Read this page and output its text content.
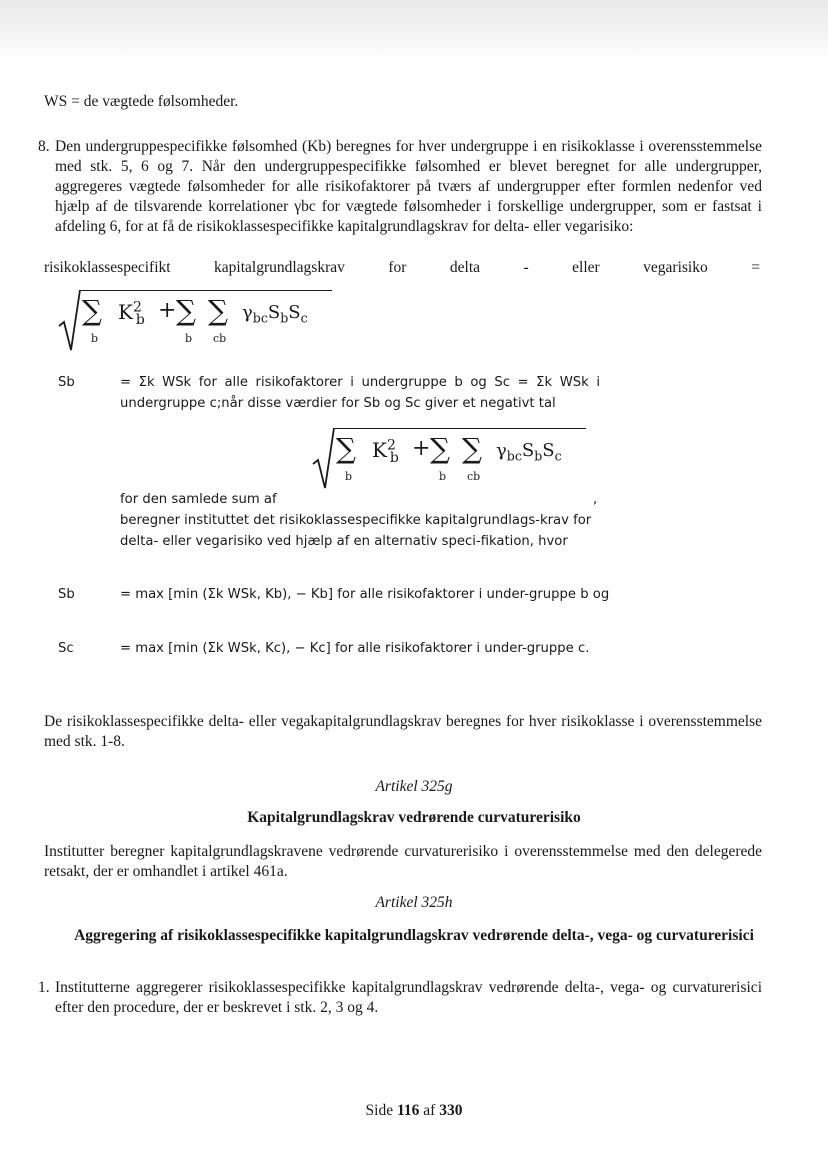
WS = de vægtede følsomheder.
8. Den undergruppespecifikke følsomhed (Kb) beregnes for hver undergruppe i en risikoklasse i overensstemmelse med stk. 5, 6 og 7. Når den undergruppespecifikke følsomhed er blevet beregnet for alle undergrupper, aggregeres vægtede følsomheder for alle risikofaktorer på tværs af undergrupper efter formlen nedenfor ved hjælp af de tilsvarende korrelationer γbc for vægtede følsomheder i forskellige undergrupper, som er fastsat i afdeling 6, for at få de risikoklassespecifikke kapitalgrundlagskrav for delta- eller vegarisiko:
risikoklassespecifikt	kapitalgrundlagskrav	for	delta	-	eller	vegarisiko	=
∑
b
$K^2_b$ + ∑
b
∑
cb
$\gamma_{bc}S_bS_c$
Sb	= Σk WSk for alle risikofaktorer i undergruppe b og Sc = Σk WSk i undergruppe c;når disse værdier for Sb og Sc giver et negativt tal
∑
b
$K^2_b$ + ∑
b
∑
cb
$\gamma_{bc}S_bS_c$
for den samlede sum af	,
beregner instituttet det risikoklassespecifikke kapitalgrundlags-krav for delta- eller vegarisiko ved hjælp af en alternativ speci-fikation, hvor
Sb	= max [min (Σk WSk, Kb), − Kb] for alle risikofaktorer i under-gruppe b og
Sc	= max [min (Σk WSk, Kc), − Kc] for alle risikofaktorer i under-gruppe c.
De risikoklassespecifikke delta- eller vegakapitalgrundlagskrav beregnes for hver risikoklasse i overensstemmelse med stk. 1-8.
Artikel 325g
Kapitalgrundlagskrav vedrørende curvaturerisiko
Institutter beregner kapitalgrundlagskravene vedrørende curvaturerisiko i overensstemmelse med den delegerede retsakt, der er omhandlet i artikel 461a.
Artikel 325h
Aggregering af risikoklassespecifikke kapitalgrundlagskrav vedrørende delta-, vega- og curvaturerisici
1. Institutterne aggregerer risikoklassespecifikke kapitalgrundlagskrav vedrørende delta-, vega- og curvaturerisici efter den procedure, der er beskrevet i stk. 2, 3 og 4.
Side 116 af 330
